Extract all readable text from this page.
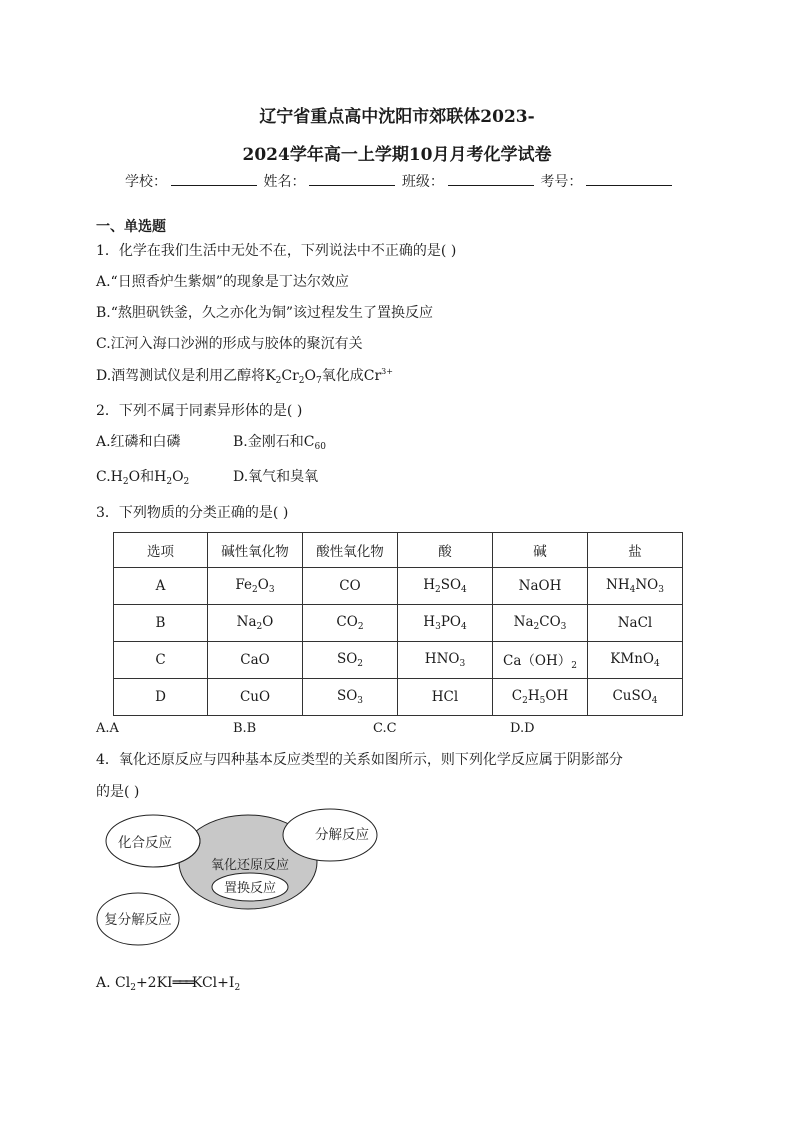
辽宁省重点高中沈阳市郊联体2023-
2024学年高一上学期10月月考化学试卷
学校：	姓名：	班级：	考号：
一、单选题
1．化学在我们生活中无处不在，下列说法中不正确的是( )
A.“日照香炉生紫烟”的现象是丁达尔效应
B.“熬胆矾铁釜，久之亦化为铜”该过程发生了置换反应
C.江河入海口沙洲的形成与胶体的聚沉有关
D.酒驾测试仪是利用乙醇将$K_2Cr_2O_7$氧化成$Cr^{3+}$
2．下列不属于同素异形体的是( )
A.红磷和白磷	B.金刚石和$C_{60}$
$C.H_2O$和$H_2O_2$	D.氧气和臭氧
3．下列物质的分类正确的是( )
选项	碱性氧化物	酸性氧化物	酸	碱	盐
A	$Fe_2O_3$	CO	$H_2SO_4$	NaOH	$NH_4NO_3$
B	$Na_2O$	$CO_2$	$H_3PO_4$	$Na_2CO_3$	NaCl
C	CaO	$SO_2$	$HNO_3$	$Ca(OH)_2$	KMnO$_4$
D	CuO	$SO_3$	HCl	$C_2H_5OH$	CuSO$_4$
A.A	B.B	C.C	D.D
4．氧化还原反应与四种基本反应类型的关系如图所示，则下列化学反应属于阴影部分
的是( )
化合反应	分解反应
氧化还原反应
置换反应
复分解反应
A. $Cl_2+2KI═══KCl+I_2$
